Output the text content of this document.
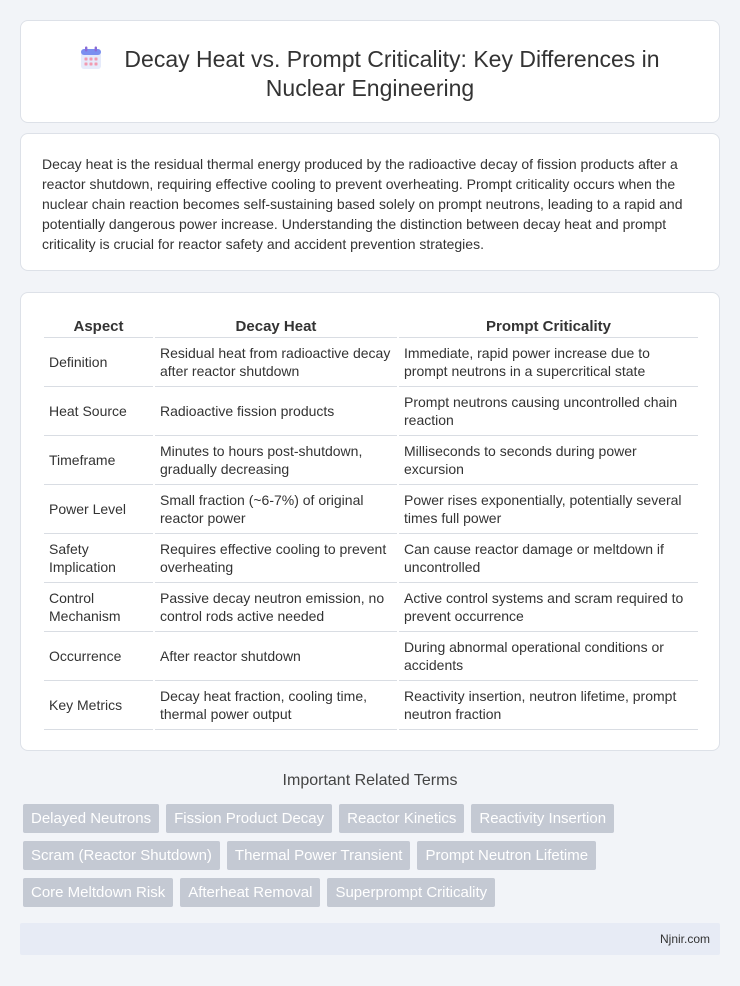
Decay Heat vs. Prompt Criticality: Key Differences in Nuclear Engineering

Decay heat is the residual thermal energy produced by the radioactive decay of fission products after a reactor shutdown, requiring effective cooling to prevent overheating. Prompt criticality occurs when the nuclear chain reaction becomes self-sustaining based solely on prompt neutrons, leading to a rapid and potentially dangerous power increase. Understanding the distinction between decay heat and prompt criticality is crucial for reactor safety and accident prevention strategies.

Aspect	Decay Heat	Prompt Criticality
Definition	Residual heat from radioactive decay after reactor shutdown	Immediate, rapid power increase due to prompt neutrons in a supercritical state
Heat Source	Radioactive fission products	Prompt neutrons causing uncontrolled chain reaction
Timeframe	Minutes to hours post-shutdown, gradually decreasing	Milliseconds to seconds during power excursion
Power Level	Small fraction (~6-7%) of original reactor power	Power rises exponentially, potentially several times full power
Safety Implication	Requires effective cooling to prevent overheating	Can cause reactor damage or meltdown if uncontrolled
Control Mechanism	Passive decay neutron emission, no control rods active needed	Active control systems and scram required to prevent occurrence
Occurrence	After reactor shutdown	During abnormal operational conditions or accidents
Key Metrics	Decay heat fraction, cooling time, thermal power output	Reactivity insertion, neutron lifetime, prompt neutron fraction
Important Related Terms
Delayed Neutrons	Fission Product Decay	Reactor Kinetics	Reactivity Insertion
Scram (Reactor Shutdown)	Thermal Power Transient	Prompt Neutron Lifetime
Core Meltdown Risk	Afterheat Removal	Superprompt Criticality
Njnir.com
